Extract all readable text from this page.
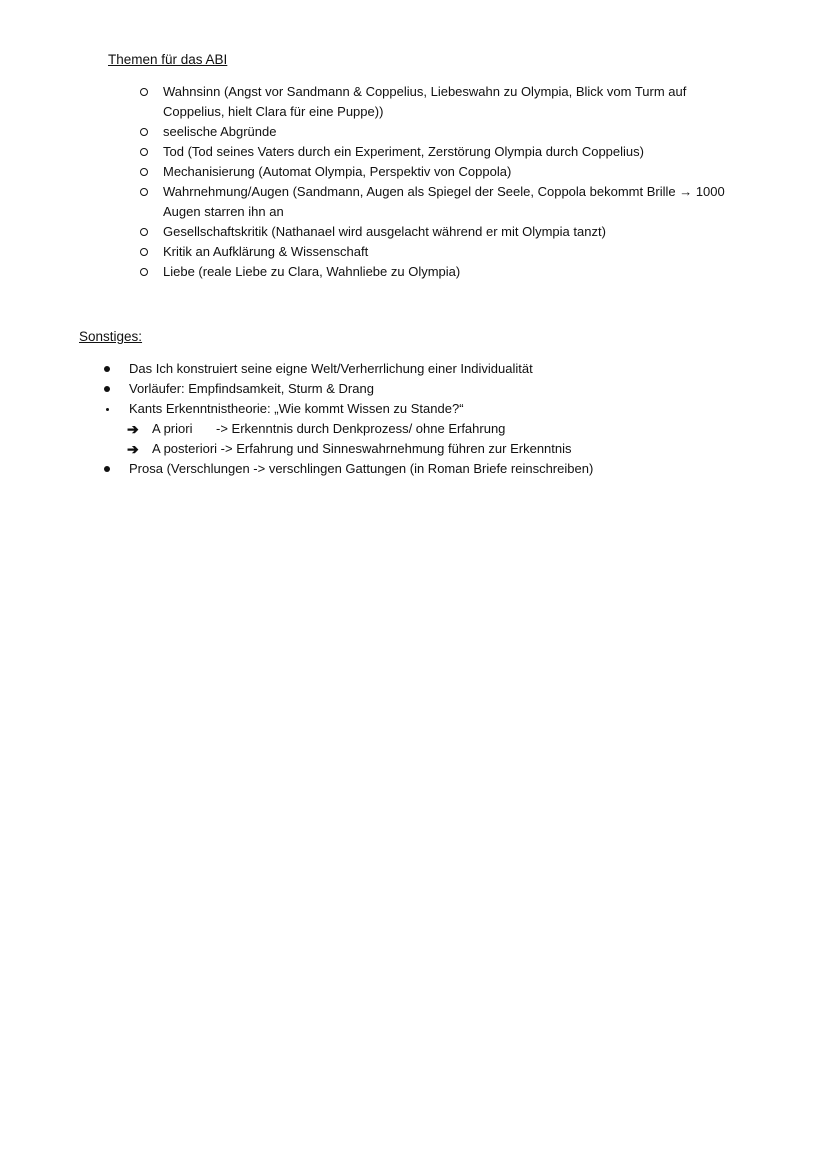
Themen für das ABI
Wahnsinn (Angst vor Sandmann & Coppelius, Liebeswahn zu Olympia, Blick vom Turm auf Coppelius, hielt Clara für eine Puppe))
seelische Abgründe
Tod (Tod seines Vaters durch ein Experiment, Zerstörung Olympia durch Coppelius)
Mechanisierung (Automat Olympia, Perspektiv von Coppola)
Wahrnehmung/Augen (Sandmann, Augen als Spiegel der Seele, Coppola bekommt Brille → 1000 Augen starren ihn an
Gesellschaftskritik (Nathanael wird ausgelacht während er mit Olympia tanzt)
Kritik an Aufklärung & Wissenschaft
Liebe (reale Liebe zu Clara, Wahnliebe zu Olympia)
Sonstiges:
Das Ich konstruiert seine eigne Welt/Verherrlichung einer Individualität
Vorläufer: Empfindsamkeit, Sturm & Drang
Kants Erkenntnistheorie: „Wie kommt Wissen zu Stande?“
➔ A priori -> Erkenntnis durch Denkprozess/ ohne Erfahrung
➔ A posteriori -> Erfahrung und Sinneswahrnehmung führen zur Erkenntnis
Prosa (Verschlungen -> verschlingen Gattungen (in Roman Briefe reinschreiben)
